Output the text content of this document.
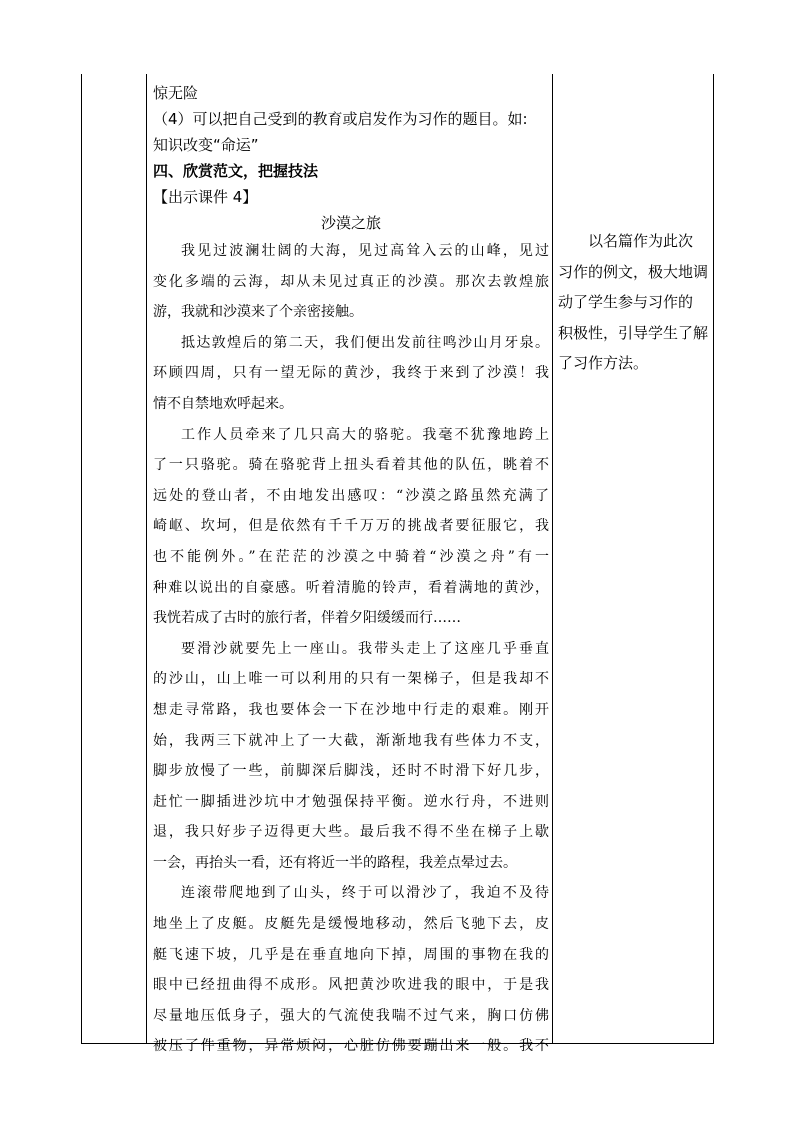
惊无险
（4）可以把自己受到的教育或启发作为习作的题目。如:
知识改变“命运”
四、欣赏范文，把握技法
【出示课件 4】
沙漠之旅

我见过波澜壮阔的大海，见过高耸入云的山峰，见过
变化多端的云海，却从未见过真正的沙漠。那次去敦煌旅
游，我就和沙漠来了个亲密接触。

抵达敦煌后的第二天，我们便出发前往鸣沙山月牙泉。
环顾四周，只有一望无际的黄沙，我终于来到了沙漠！我
情不自禁地欢呼起来。

工作人员牵来了几只高大的骆驼。我毫不犹豫地跨上
了一只骆驼。骑在骆驼背上扭头看着其他的队伍，眺着不
远处的登山者，不由地发出感叹：“沙漠之路虽然充满了
崎岖、坎坷，但是依然有千千万万的挑战者要征服它，我
也不能例外。”在茫茫的沙漠之中骑着“沙漠之舟”有一
种难以说出的自豪感。听着清脆的铃声，看着满地的黄沙，
我恍若成了古时的旅行者，伴着夕阳缓缓而行……

要滑沙就要先上一座山。我带头走上了这座几乎垂直
的沙山，山上唯一可以利用的只有一架梯子，但是我却不
想走寻常路，我也要体会一下在沙地中行走的艰难。刚开
始，我两三下就冲上了一大截，渐渐地我有些体力不支，
脚步放慢了一些，前脚深后脚浅，还时不时滑下好几步，
赶忙一脚插进沙坑中才勉强保持平衡。逆水行舟，不进则
退，我只好步子迈得更大些。最后我不得不坐在梯子上歇
一会，再抬头一看，还有将近一半的路程，我差点晕过去。

连滚带爬地到了山头，终于可以滑沙了，我迫不及待
地坐上了皮艇。皮艇先是缓慢地移动，然后飞驰下去，皮
艇飞速下坡，几乎是在垂直地向下掉，周围的事物在我的
眼中已经扭曲得不成形。风把黄沙吹进我的眼中，于是我
尽量地压低身子，强大的气流使我喘不过气来，胸口仿佛
被压了件重物，异常烦闷，心脏仿佛要蹦出来一般。我不

以名篇作为此次
习作的例文，极大地调
动了学生参与习作的
积极性，引导学生了解
了习作方法。
